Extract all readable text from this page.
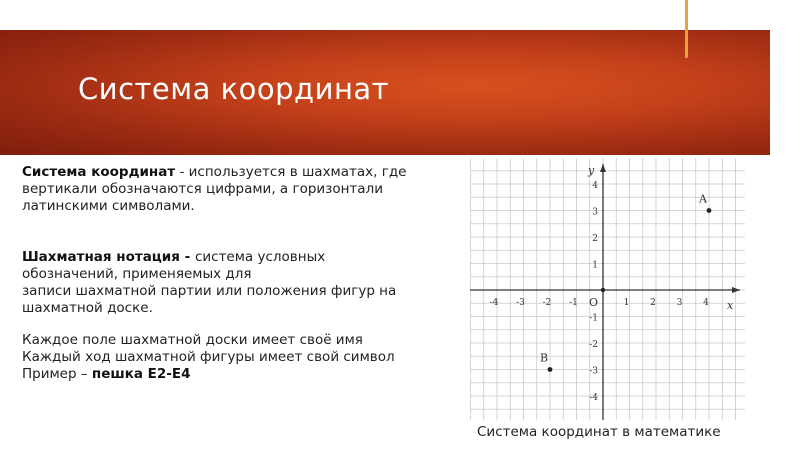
Система координат
Система координат - используется в шахматах, где
вертикали обозначаются цифрами, а горизонтали
латинскими символами.
Шахматная нотация - система условных
обозначений, применяемых для
записи шахматной партии или положения фигур на
шахматной доске.
Каждое поле шахматной доски имеет своё имя
Каждый ход шахматной фигуры имеет свой символ
Пример – пешка Е2-Е4
-4 -3 -2 -1	1 2 3 4
4
3
2
1
-1
-2
-3
-4
x
y
O
A
B
Система координат в математике
